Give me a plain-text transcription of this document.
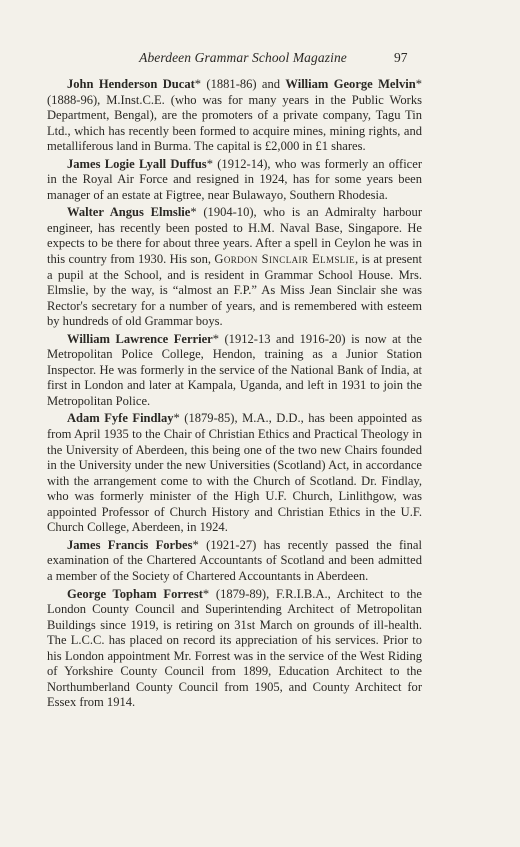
Aberdeen Grammar School Magazine	97

John Henderson Ducat* (1881-86) and William George Melvin* (1888-96), M.Inst.C.E. (who was for many years in the Public Works Department, Bengal), are the promoters of a private company, Tagu Tin Ltd., which has recently been formed to acquire mines, mining rights, and metalliferous land in Burma. The capital is £2,000 in £1 shares.

James Logie Lyall Duffus* (1912-14), who was formerly an officer in the Royal Air Force and resigned in 1924, has for some years been manager of an estate at Figtree, near Bulawayo, Southern Rhodesia.

Walter Angus Elmslie* (1904-10), who is an Admiralty harbour engineer, has recently been posted to H.M. Naval Base, Singapore. He expects to be there for about three years. After a spell in Ceylon he was in this country from 1930. His son, Gordon Sinclair Elmslie, is at present a pupil at the School, and is resident in Grammar School House. Mrs. Elmslie, by the way, is “almost an F.P.” As Miss Jean Sinclair she was Rector's secretary for a number of years, and is remembered with esteem by hundreds of old Grammar boys.

William Lawrence Ferrier* (1912-13 and 1916-20) is now at the Metropolitan Police College, Hendon, training as a Junior Station Inspector. He was formerly in the service of the National Bank of India, at first in London and later at Kampala, Uganda, and left in 1931 to join the Metropolitan Police.

Adam Fyfe Findlay* (1879-85), M.A., D.D., has been appointed as from April 1935 to the Chair of Christian Ethics and Practical Theology in the University of Aberdeen, this being one of the two new Chairs founded in the University under the new Universities (Scotland) Act, in accordance with the arrangement come to with the Church of Scotland. Dr. Findlay, who was formerly minister of the High U.F. Church, Linlithgow, was appointed Professor of Church History and Christian Ethics in the U.F. Church College, Aberdeen, in 1924.

James Francis Forbes* (1921-27) has recently passed the final examination of the Chartered Accountants of Scotland and been admitted a member of the Society of Chartered Accountants in Aberdeen.

George Topham Forrest* (1879-89), F.R.I.B.A., Architect to the London County Council and Superintending Architect of Metropolitan Buildings since 1919, is retiring on 31st March on grounds of ill-health. The L.C.C. has placed on record its appreciation of his services. Prior to his London appointment Mr. Forrest was in the service of the West Riding of Yorkshire County Council from 1899, Education Architect to the Northumberland County Council from 1905, and County Architect for Essex from 1914.
